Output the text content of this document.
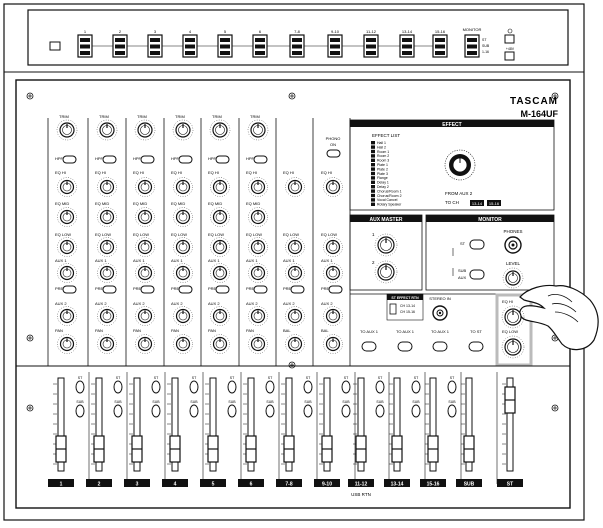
1	2	3	4	5	6	7-8	9-10	11-12	13-14	15-16	MONITOR
ST
SUB
1-16
+48V
TASCAM
M-164UF
TRIM
HPF
EQ HI
EQ MID
EQ LOW
AUX 1
PRE
AUX 2
PAN
TRIM
HPF
EQ HI
EQ MID
EQ LOW
AUX 1
PRE
AUX 2
PAN
TRIM
HPF
EQ HI
EQ MID
EQ LOW
AUX 1
PRE
AUX 2
PAN
TRIM
HPF
EQ HI
EQ MID
EQ LOW
AUX 1
PRE
AUX 2
PAN
TRIM
HPF
EQ HI
EQ MID
EQ LOW
AUX 1
PRE
AUX 2
PAN
TRIM
HPF
EQ HI
EQ MID
EQ LOW
AUX 1
PRE
AUX 2
PAN
EQ HI
EQ LOW
AUX 1
PRE
AUX 2
BAL
PHONO
ON
EQ HI
EQ LOW
AUX 1
PRE
AUX 2
BAL
EFFECT
EFFECT LIST
Hall 1
Hall 2
Room 1
Room 2
Room 3
Plate 1
Plate 2
Plate 3
Flange
Delay 1
Delay 2
Chorus/Room 1
Chorus/Room 2
Vocal Cancel
Rotary Speaker
FROM AUX 2
TO CH	13-14 15-16
AUX MASTER
1
2
MONITOR
PHONES
LEVEL
ST
SUB
AUX
ST EFFECT RTN
CH 13-14
CH 15-16
STEREO IN
TO AUX 1	TO AUX 1	TO AUX 1	TO ST
EQ HI
EQ LOW
ST
SUB
1
ST
SUB
2
ST
SUB
3
ST
SUB
4
ST
SUB
5
ST
SUB
6
ST
SUB
7-8
ST
SUB
9-10
ST
SUB
11-12
ST
SUB
13-14
ST
SUB
15-16	SUB	ST
USB RTN
